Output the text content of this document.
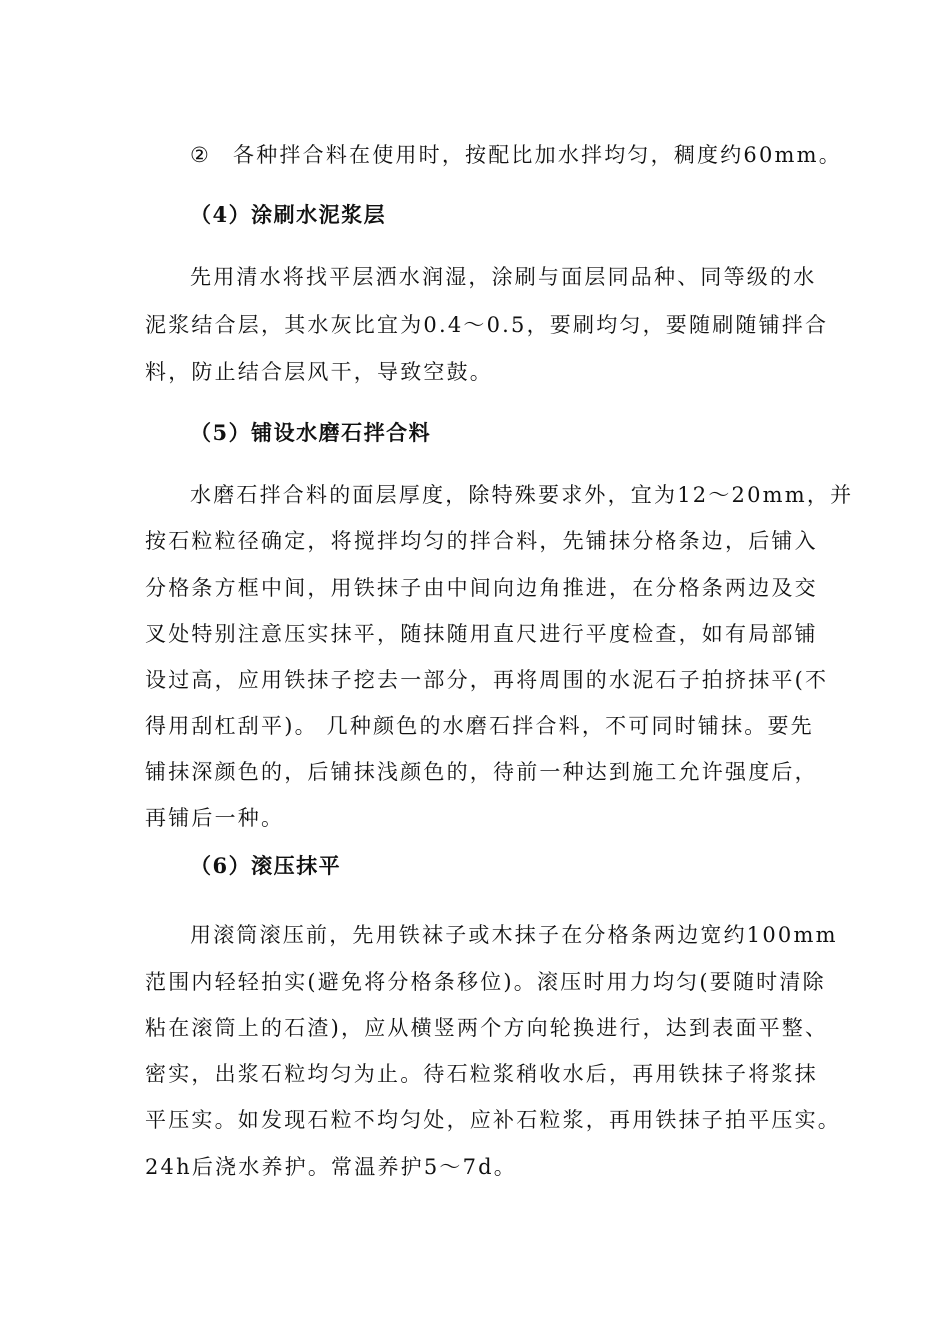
② 各种拌合料在使用时，按配比加水拌均匀，稠度约60mm。
（4）涂刷水泥浆层
先用清水将找平层洒水润湿，涂刷与面层同品种、同等级的水
泥浆结合层，其水灰比宜为0.4～0.5，要刷均匀，要随刷随铺拌合
料，防止结合层风干，导致空鼓。
（5）铺设水磨石拌合料
水磨石拌合料的面层厚度，除特殊要求外，宜为12～20mm，并
按石粒粒径确定，将搅拌均匀的拌合料，先铺抹分格条边，后铺入
分格条方框中间，用铁抹子由中间向边角推进，在分格条两边及交
叉处特别注意压实抹平，随抹随用直尺进行平度检查，如有局部铺
设过高，应用铁抹子挖去一部分，再将周围的水泥石子拍挤抹平(不
得用刮杠刮平)。 几种颜色的水磨石拌合料，不可同时铺抹。要先
铺抹深颜色的，后铺抹浅颜色的，待前一种达到施工允许强度后，
再铺后一种。
（6）滚压抹平
用滚筒滚压前，先用铁袜子或木抹子在分格条两边宽约100mm
范围内轻轻拍实(避免将分格条移位)。滚压时用力均匀(要随时清除
粘在滚筒上的石渣)，应从横竖两个方向轮换进行，达到表面平整、
密实，出浆石粒均匀为止。待石粒浆稍收水后，再用铁抹子将浆抹
平压实。如发现石粒不均匀处，应补石粒浆，再用铁抹子拍平压实。
24h后浇水养护。常温养护5～7d。
